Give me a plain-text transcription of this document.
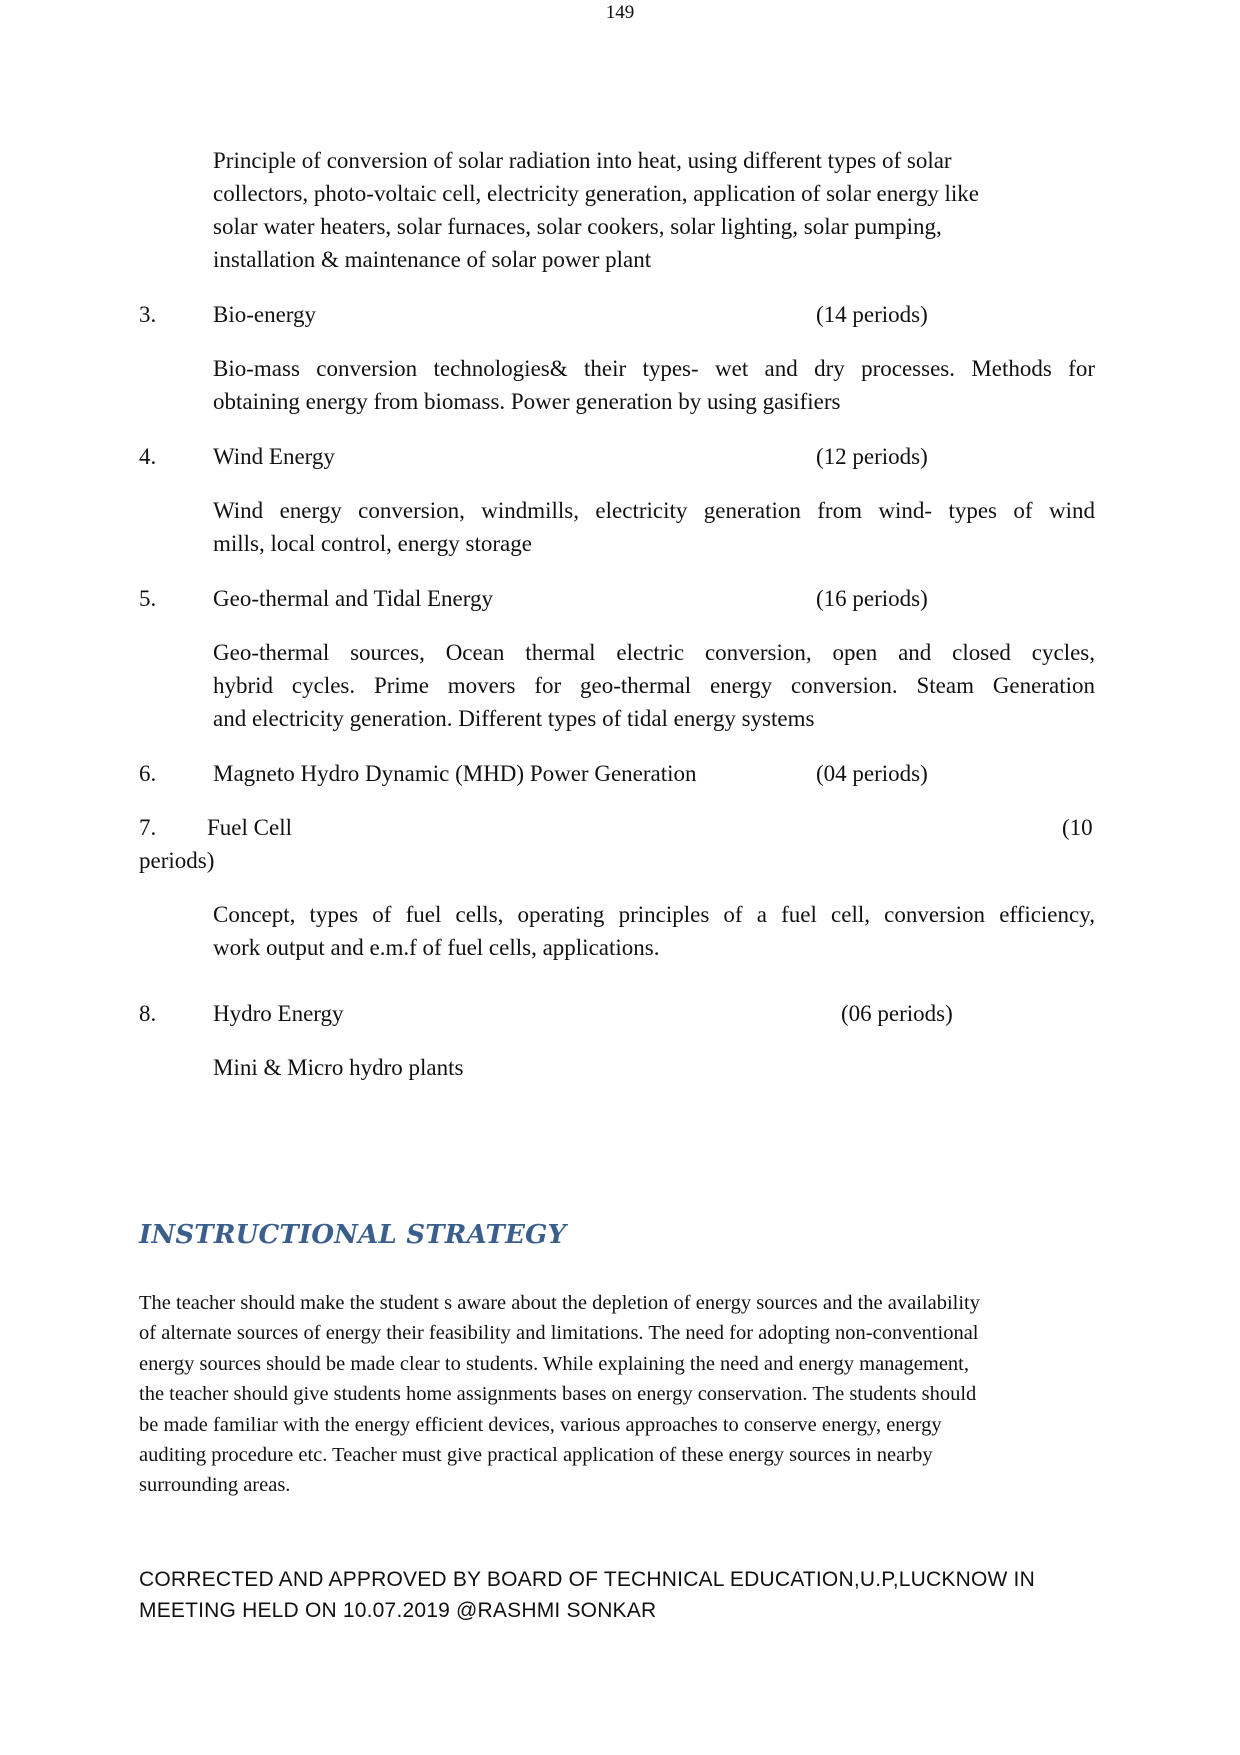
149
Principle of conversion of solar radiation into heat, using different types of solar
collectors, photo-voltaic cell, electricity generation, application of solar energy like
solar water heaters, solar furnaces, solar cookers, solar lighting, solar pumping,
installation & maintenance of solar power plant
3. Bio-energy	(14 periods)
Bio-mass conversion technologies& their types- wet and dry processes. Methods for
obtaining energy from biomass. Power generation by using gasifiers
4. Wind Energy	(12 periods)
Wind energy conversion, windmills, electricity generation from wind- types of wind
mills, local control, energy storage
5. Geo-thermal and Tidal Energy	(16 periods)
Geo-thermal sources, Ocean thermal electric conversion, open and closed cycles,
hybrid cycles. Prime movers for geo-thermal energy conversion. Steam Generation
and electricity generation. Different types of tidal energy systems
6. Magneto Hydro Dynamic (MHD) Power Generation	(04 periods)
7. Fuel Cell	(10
periods)
Concept, types of fuel cells, operating principles of a fuel cell, conversion efficiency,
work output and e.m.f of fuel cells, applications.
8. Hydro Energy	(06 periods)
Mini & Micro hydro plants
INSTRUCTIONAL STRATEGY
The teacher should make the student s aware about the depletion of energy sources and the availability
of alternate sources of energy their feasibility and limitations. The need for adopting non-conventional
energy sources should be made clear to students. While explaining the need and energy management,
the teacher should give students home assignments bases on energy conservation. The students should
be made familiar with the energy efficient devices, various approaches to conserve energy, energy
auditing procedure etc. Teacher must give practical application of these energy sources in nearby
surrounding areas.
CORRECTED AND APPROVED BY BOARD OF TECHNICAL EDUCATION,U.P,LUCKNOW IN
MEETING HELD ON 10.07.2019 @RASHMI SONKAR
